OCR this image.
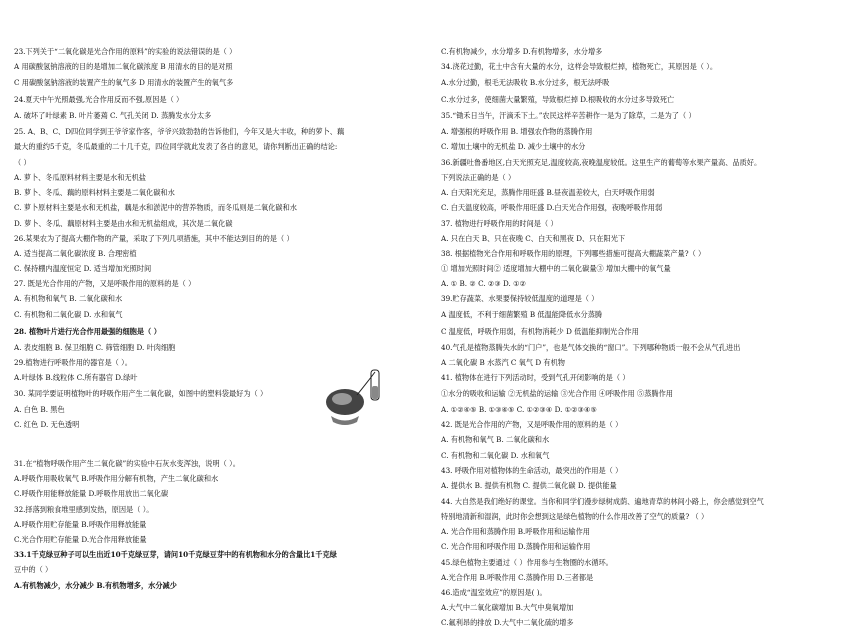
23.下列关于“二氧化碳是光合作用的原料”的实验的说法错误的是（ ）
A 用碳酸氢钠溶液的目的是增加二氧化碳浓度 B 用清水的目的是对照
C 用碳酸氢钠溶液的装置产生的氧气多 D 用清水的装置产生的氧气多
24.夏天中午光照最强,光合作用反而不强,原因是（ ）
A. 破坏了叶绿素 B. 叶片萎蔫 C. 气孔关闭 D. 蒸腾发水分太多
25. A、B、C、D四位同学到王爷爷家作客，爷爷兴致勃勃的告诉他们，今年又是大丰收，种的萝卜、藕
最大的重约5千克，冬瓜最重的二十几千克，四位同学就此发表了各自的意见，请你判断出正确的结论:
（ ）
A. 萝卜、冬瓜原料材料主要是水和无机盐
B. 萝卜、冬瓜、藕的原料材料主要是二氧化碳和水
C. 萝卜原材料主要是水和无机盐，藕是水和淤泥中的营养物质，而冬瓜则是二氧化碳和水
D. 萝卜、冬瓜、藕原材料主要是由水和无机盐组成，其次是二氧化碳
26.某果农为了提高大棚作物的产量，采取了下列几项措施，其中不能达到目的的是（ ）
A. 适当提高二氧化碳浓度 B. 合理密植
C. 保持棚内温度恒定 D. 适当增加光照时间
27. 既是光合作用的产物，又是呼吸作用的原料的是（ ）
A. 有机物和氧气 B. 二氧化碳和水
C. 有机物和二氧化碳 D. 水和氧气
28. 植物叶片进行光合作用最强的细胞是（ ）
A. 表皮细胞 B. 保卫细胞 C. 筛管细胞 D. 叶肉细胞
29.植物进行呼吸作用的器官是（ ）。
A.叶绿体 B.线粒体 C.所有器官 D.绿叶
30. 某同学要证明植物叶的呼吸作用产生二氧化碳，如图中的塑料袋最好为（ ）
A. 白色 B. 黑色
C. 红色 D. 无色透明
31.在“植物呼吸作用产生二氧化碳”的实验中石灰水变浑浊，说明（ ）。
A.呼吸作用吸收氧气 B.呼吸作用分解有机物，产生二氧化碳和水
C.呼吸作用能释放能量 D.呼吸作用放出二氧化碳
32.择落到粮食堆里感到发热，原因是（ ）。
A.呼吸作用贮存能量 B.呼吸作用释放能量
C.光合作用贮存能量 D.光合作用释放能量
33.1千克绿豆种子可以生出近10千克绿豆芽，请问10千克绿豆芽中的有机物和水分的含量比1千克绿
豆中的（ ）
A.有机物减少，水分减少 B.有机物增多，水分减少
C.有机物减少，水分增多 D.有机物增多，水分增多
34.浇花过勤，花土中含有大量的水分，这样会导致根烂掉，植物死亡，其原因是（ ）。
A.水分过勤，根毛无法吸收 B.水分过多，根无法呼吸
C.水分过多，使细菌大量繁殖，导致根烂掉 D.根吸收的水分过多导致死亡
35.“锄禾日当午，汗滴禾下土。”农民这样辛苦耕作一是为了除草，二是为了（ ）
A. 增强根的呼吸作用 B. 增强农作物的蒸腾作用
C. 增加土壤中的无机盐 D. 减少土壤中的水分
36.新疆吐鲁番地区,白天光照充足,温度较高,夜晚温度较低。这里生产的葡萄等水果产量高、品质好。
下列说法正确的是（ ）
A. 白天阳光充足，蒸腾作用旺盛 B.昼夜温差较大，白天呼吸作用弱
C. 白天温度较高，呼吸作用旺盛 D.白天光合作用强，夜晚呼吸作用弱
37. 植物进行呼吸作用的时间是（ ）
A. 只在白天 B、只在夜晚 C、白天和黑夜 D、只在阳光下
38. 根据植物光合作用和呼吸作用的原理，下列哪些措施可提高大棚蔬菜产量?（ ）
① 增加光照时间② 适度增加大棚中的二氧化碳量③ 增加大棚中的氧气量
A. ① B. ② C. ②③ D. ①②
39.贮存蔬菜、水果要保持较低温度的道理是（ ）
A 温度低，不利于细菌繁殖 B 低温能降低水分蒸腾
C 温度低，呼吸作用弱，有机物消耗少 D 低温能抑制光合作用
40.气孔是植物蒸腾失水的“门户”，也是气体交换的“窗口”。下列哪种物质一般不会从气孔进出
A 二氧化碳 B 水蒸汽 C 氧气 D 有机物
41. 植物体在进行下列活动时，受到气孔开闭影响的是（ ）
①水分的吸收和运输 ②无机盐的运输 ③光合作用 ④呼吸作用 ⑤蒸腾作用
A. ①②④⑤ B. ①③④⑤ C. ①②③④ D. ①②③④⑤
42. 既是光合作用的产物，又是呼吸作用的原料的是（ ）
A. 有机物和氧气 B. 二氧化碳和水
C. 有机物和二氧化碳 D. 水和氧气
43. 呼吸作用对植物体的生命活动，最突出的作用是（ ）
A. 提供水 B. 提供有机物 C. 提供二氧化碳 D. 提供能量
44. 大自然是我们绝好的课堂。当你和同学们漫步绿树成荫、遍地青草的林间小路上，你会感觉到空气
特别地清新和湿润，此时你会想到这是绿色植物的什么作用改善了空气的质量? （ ）
A. 光合作用和蒸腾作用 B.呼吸作用和运输作用
C. 光合作用和呼吸作用 D.蒸腾作用和运输作用
45.绿色植物主要通过（ ）作用参与生物圈的水循环。
A.光合作用 B.呼吸作用 C.蒸腾作用 D.三者都是
46.造成“温室效应”的原因是( )。
A.大气中二氧化碳增加 B.大气中臭氧增加
C.氟利昂的排放 D.大气中二氧化硫的增多
